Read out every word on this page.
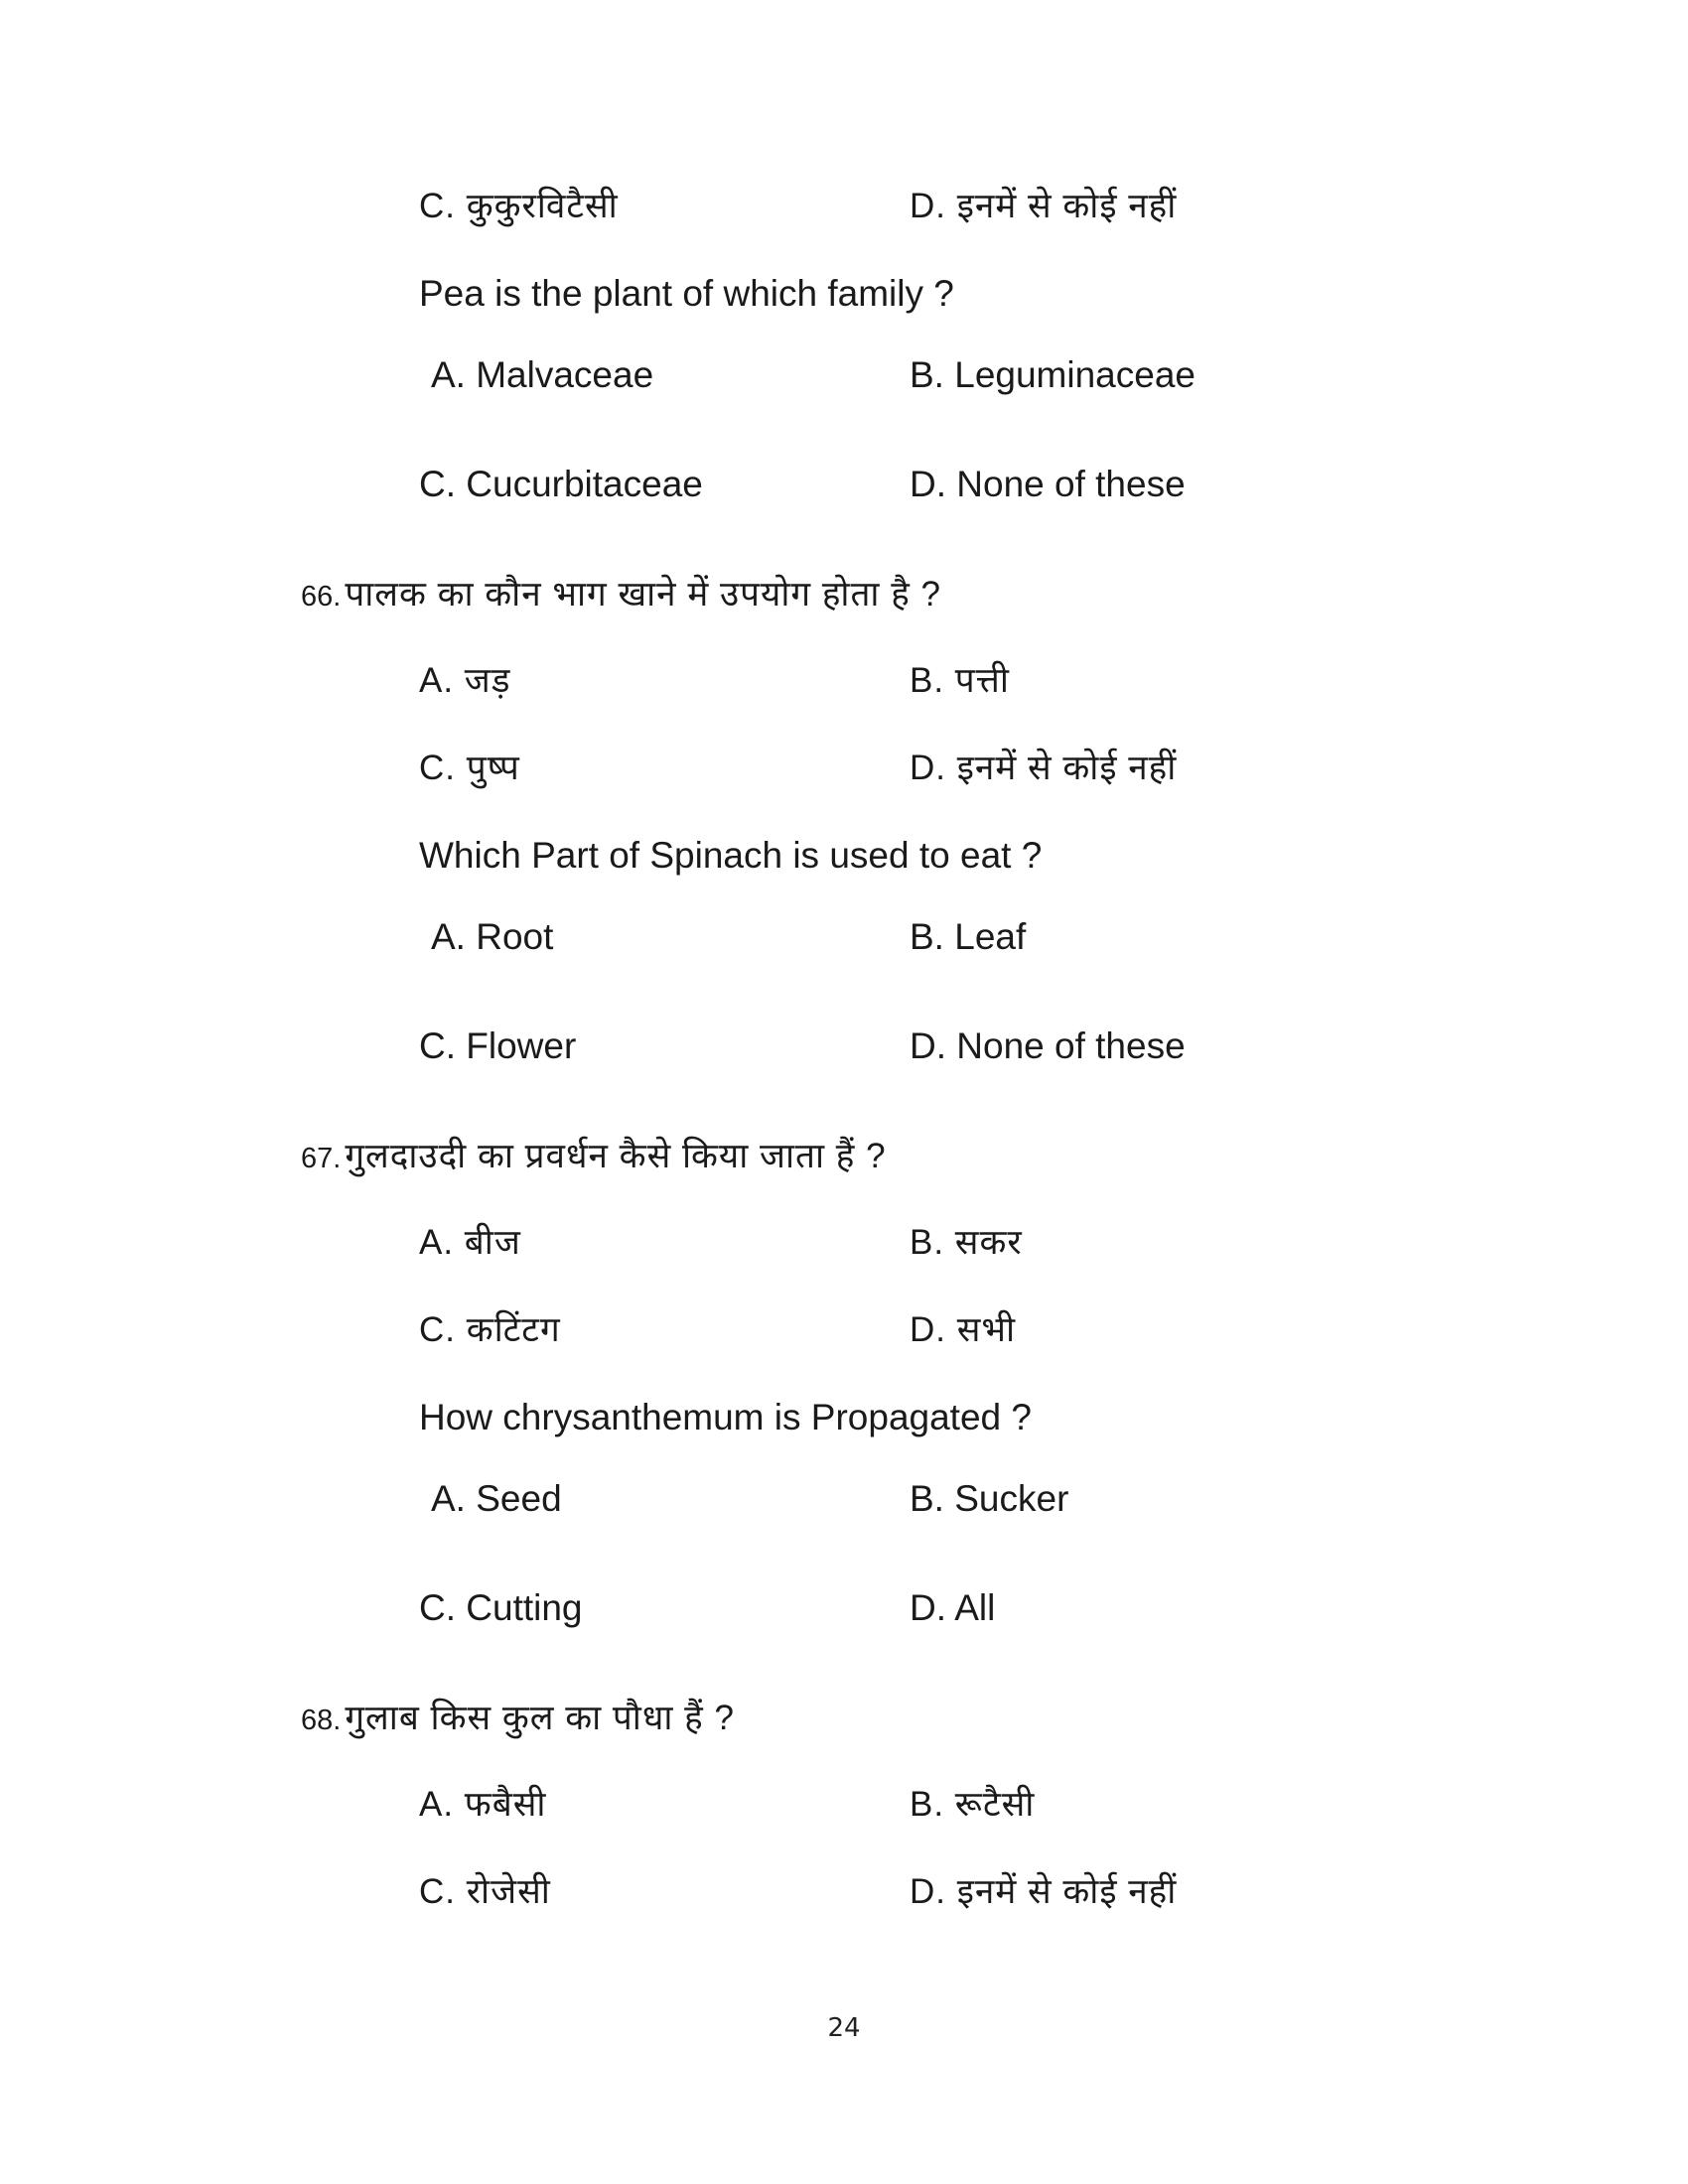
C. कुकुरविटैसी	D. इनमें से कोई नहीं
Pea is the plant of which family ?
A. Malvaceae	B. Leguminaceae
C. Cucurbitaceae	D. None of these
66. पालक का कौन भाग खाने में उपयोग होता है ?
A. जड़	B. पत्ती
C. पुष्प	D. इनमें से कोई नहीं
Which Part of Spinach is used to eat ?
A. Root	B. Leaf
C. Flower	D. None of these
67. गुलदाउदी का प्रवर्धन कैसे किया जाता हैं ?
A. बीज	B. सकर
C. कटिंटग	D. सभी
How chrysanthemum is Propagated ?
A. Seed	B. Sucker
C. Cutting	D. All
68. गुलाब किस कुल का पौधा हैं ?
A. फबैसी	B. रूटैसी
C. रोजेसी	D. इनमें से कोई नहीं
24
